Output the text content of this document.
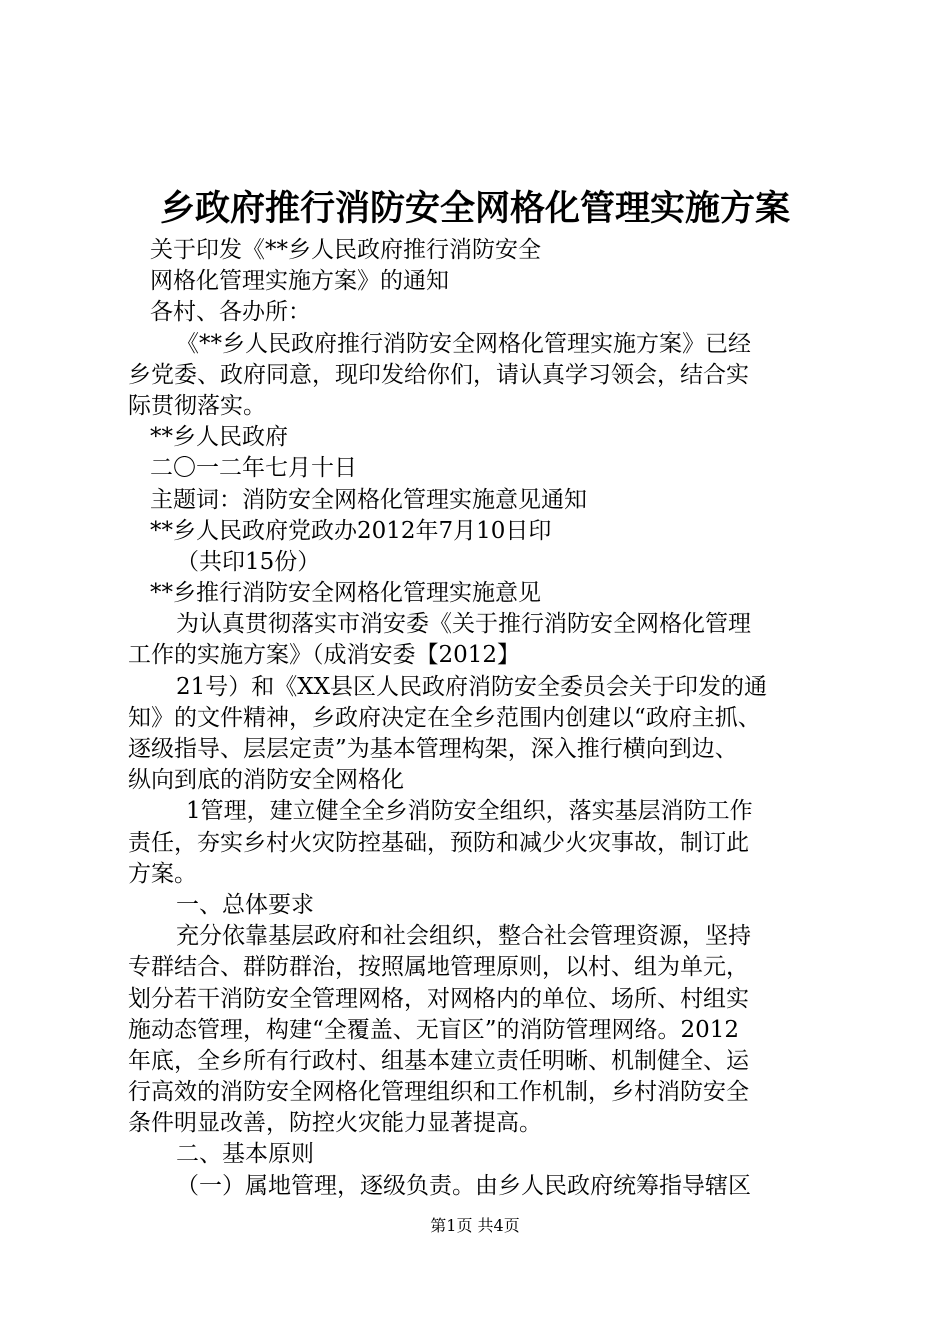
乡政府推行消防安全网格化管理实施方案
关于印发《**乡人民政府推行消防安全
网格化管理实施方案》的通知
各村、各办所：
《**乡人民政府推行消防安全网格化管理实施方案》已经
乡党委、政府同意，现印发给你们，请认真学习领会，结合实
际贯彻落实。
**乡人民政府
二〇一二年七月十日
主题词：消防安全网格化管理实施意见通知
**乡人民政府党政办2012年7月10日印
（共印15份）
**乡推行消防安全网格化管理实施意见
为认真贯彻落实市消安委《关于推行消防安全网格化管理
工作的实施方案》（成消安委【2012】
21号）和《XX县区人民政府消防安全委员会关于印发的通
知》的文件精神，乡政府决定在全乡范围内创建以“政府主抓、
逐级指导、层层定责”为基本管理构架，深入推行横向到边、
纵向到底的消防安全网格化
1管理，建立健全全乡消防安全组织，落实基层消防工作
责任，夯实乡村火灾防控基础，预防和减少火灾事故，制订此
方案。
一、总体要求
充分依靠基层政府和社会组织，整合社会管理资源，坚持
专群结合、群防群治，按照属地管理原则，以村、组为单元，
划分若干消防安全管理网格，对网格内的单位、场所、村组实
施动态管理，构建“全覆盖、无盲区”的消防管理网络。2012
年底，全乡所有行政村、组基本建立责任明晰、机制健全、运
行高效的消防安全网格化管理组织和工作机制，乡村消防安全
条件明显改善，防控火灾能力显著提高。
二、基本原则
（一）属地管理，逐级负责。由乡人民政府统筹指导辖区
第1页 共4页
